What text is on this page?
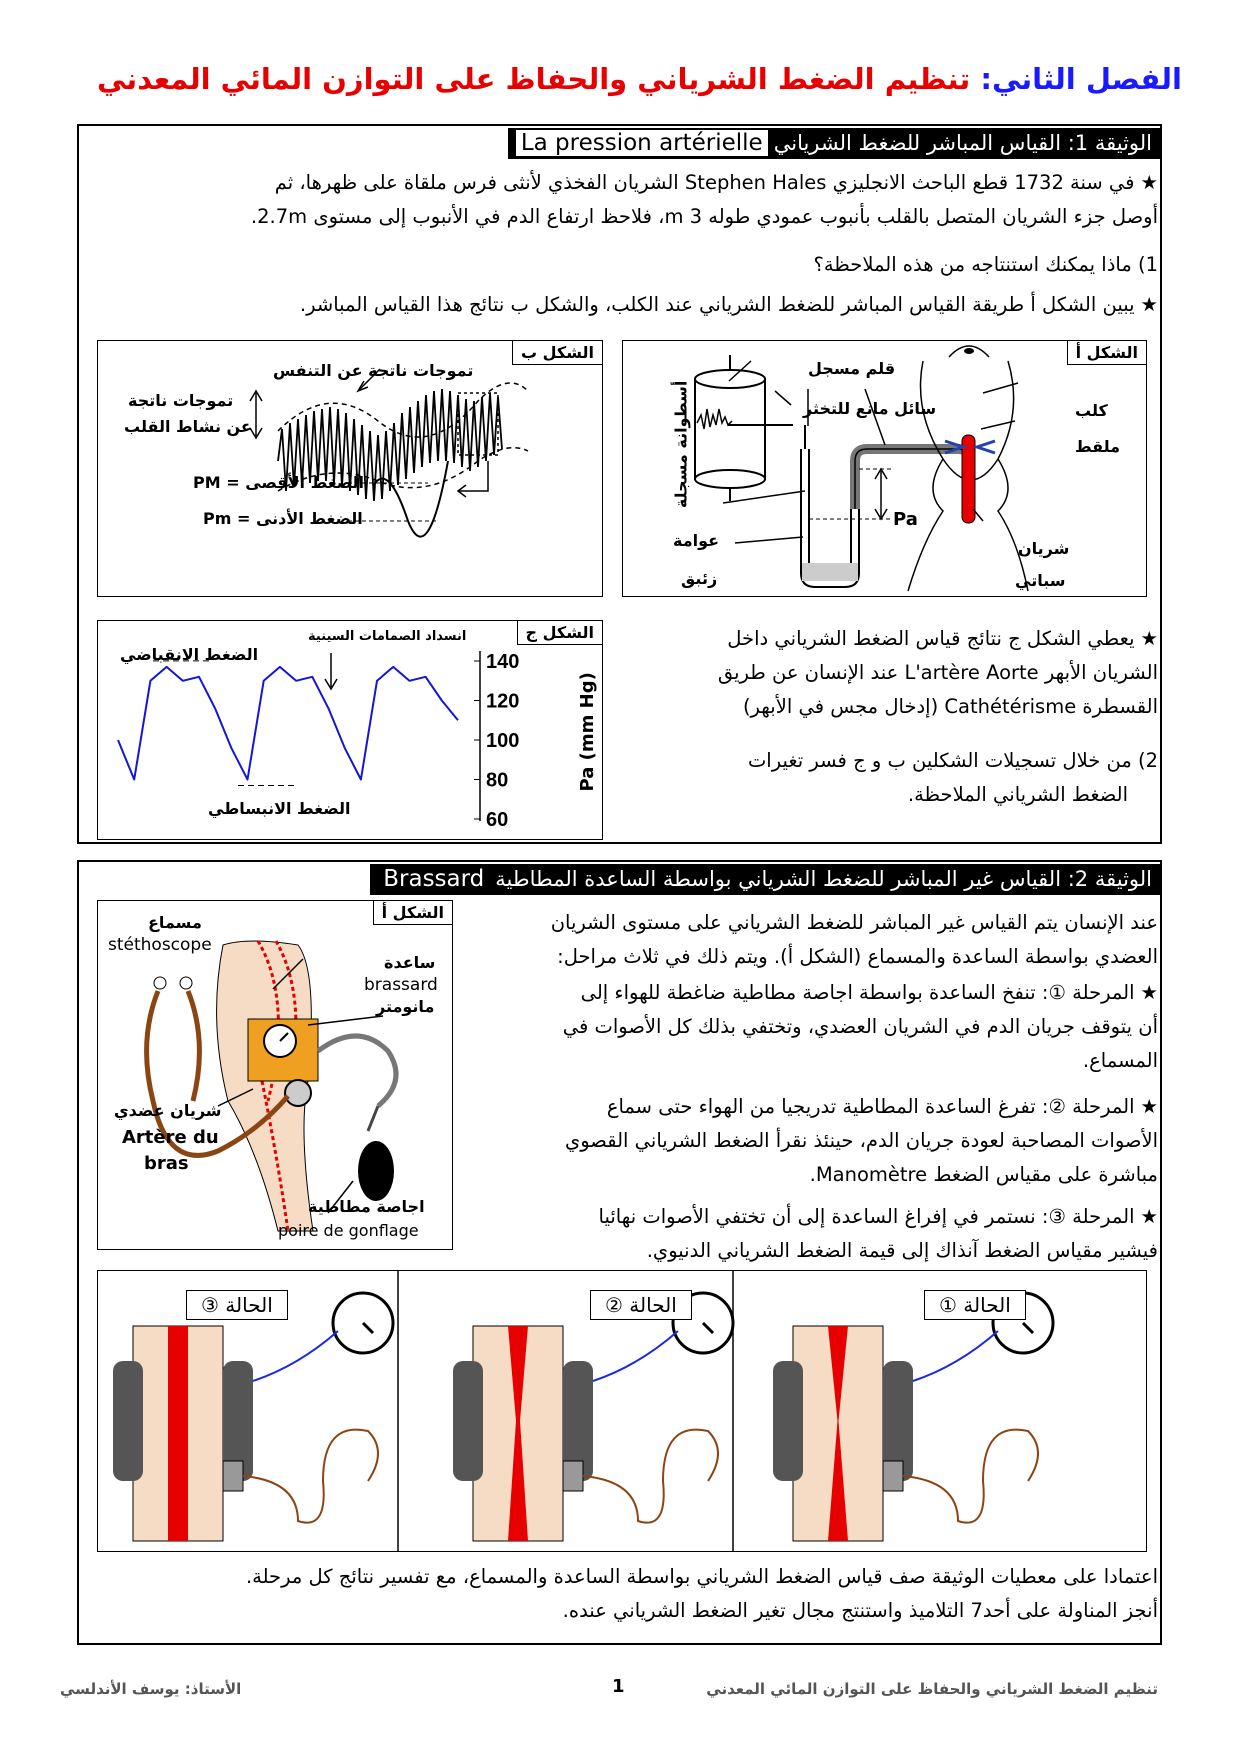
الفصل الثاني: تنظيم الضغط الشرياني والحفاظ على التوازن المائي المعدني
الوثيقة 1: القياس المباشر للضغط الشريانيLa pression artérielle
★في سنة 1732 قطع الباحث الانجليزي Stephen Hales الشريان الفخذي لأنثى فرس ملقاة على ظهرها، ثم
أوصل جزء الشريان المتصل بالقلب بأنبوب عمودي طوله 3 m، فلاحظ ارتفاع الدم في الأنبوب إلى مستوى 2.7m.
1) ماذا يمكنك استنتاجه من هذه الملاحظة؟
★يبين الشكل أ طريقة القياس المباشر للضغط الشرياني عند الكلب، والشكل ب نتائج هذا القياس المباشر.
الشكل أ
قلم مسجل
سائل مانع للتخثر	كلب
ملقط
أسطوانة مسجلة
عوامة
زئبق
Pa
شريان
سباتي
الشكل ب
تموجات ناتجة عن التنفس
تموجات ناتجة
عن نشاط القلب
الضغط الأقصى = PM
الضغط الأدنى = Pm
140
120
100
80
60
الشكل ج
الضغط الانقباضي
انسداد الصمامات السينية
الضغط الانبساطي
Pa (mm Hg)
★يعطي الشكل ج نتائج قياس الضغط الشرياني داخل
الشريان الأبهر L'artère Aorte عند الإنسان عن طريق
القسطرة Cathétérisme (إدخال مجس في الأبهر)
2) من خلال تسجيلات الشكلين ب و ج فسر تغيرات
الضغط الشرياني الملاحظة.
الوثيقة 2: القياس غير المباشر للضغط الشرياني بواسطة الساعدة المطاطيةBrassard
الشكل أ
مسماع
stéthoscope
ساعدة
brassard
مانومتر
شريان عضدي
Artère du
bras
اجاصة مطاطية
poire de gonflage
عند الإنسان يتم القياس غير المباشر للضغط الشرياني على مستوى الشريان
العضدي بواسطة الساعدة والمسماع (الشكل أ). ويتم ذلك في ثلاث مراحل:
★المرحلة ①: تنفخ الساعدة بواسطة اجاصة مطاطية ضاغطة للهواء إلى
أن يتوقف جريان الدم في الشريان العضدي، وتختفي بذلك كل الأصوات في
المسماع.
★المرحلة ②: تفرغ الساعدة المطاطية تدريجيا من الهواء حتى سماع
الأصوات المصاحبة لعودة جريان الدم، حينئذ نقرأ الضغط الشرياني القصوي
مباشرة على مقياس الضغط Manomètre.
★المرحلة ③: نستمر في إفراغ الساعدة إلى أن تختفي الأصوات نهائيا
فيشير مقياس الضغط آنذاك إلى قيمة الضغط الشرياني الدنيوي.
الحالة ③	الحالة ②	الحالة ①
اعتمادا على معطيات الوثيقة صف قياس الضغط الشرياني بواسطة الساعدة والمسماع، مع تفسير نتائج كل مرحلة.
أنجز المناولة على أحد7 التلاميذ واستنتج مجال تغير الضغط الشرياني عنده.
الأستاذ: يوسف الأندلسي	1	تنظيم الضغط الشرياني والحفاظ على التوازن المائي المعدني
